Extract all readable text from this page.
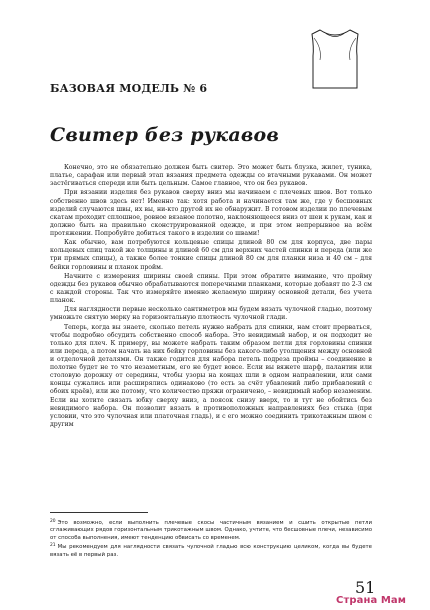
БАЗОВАЯ МОДЕЛЬ № 6
Свитер без рукавов

Конечно, это не обязательно должен быть свитер. Это может быть блузка, жилет, туника, платье, сарафан или первый этап вязания предмета одежды со втачными рукавами. Он может застёгиваться спереди или быть цельным. Самое главное, что он без рукавов.

При вязании изделия без рукавов сверху вниз мы начинаем с плечевых швов. Вот только собственно швов здесь нет! Именно так: хотя работа и начинается там же, где у бесшовных изделий случаются швы, их вы, ни-кто другой их не обнаружит. В готовом изделии по плечевым скатам проходит сплошное, ровное вязаное полотно, наклоняющееся вниз от шеи к рукам, как и должно быть на правильно сконструированной одежде, и при этом непрерывное на всём протяжении. Попробуйте добиться такого в изделии со швами!

Как обычно, вам потребуются кольцевые спицы длиной 80 см для корпуса, две пары кольцевых спиц такой же толщины и длиной 60 см для верхних частей спинки и переда (или же три прямых спицы), а также более тонкие спицы длиной 80 см для планки низа и 40 см – для бейки горловины и планок пройм.

Начните с измерения ширины своей спины. При этом обратите внимание, что пройму одежды без рукавов обычно обрабатываются поперечными планками, которые добавят по 2-3 см с каждой стороны. Так что измеряйте именно желаемую ширину основной детали, без учета планок.

Для наглядности первые несколько сантиметров мы будем вязать чулочной гладью, поэтому умножьте снятую мерку на горизонтальную плотность чулочной глади.

Теперь, когда вы знаете, сколько петель нужно набрать для спинки, нам стоит прерваться, чтобы подробно обсудить собственно способ набора. Это невидимый набор, и он подходит не только для плеч. К примеру, вы можете набрать таким образом петли для горловины спинки или переда, а потом начать на них бейку горловины без какого-либо утолщения между основной и отделочной деталями. Он также годится для набора петель подреза проймы – соединение в полотне будет не то что незаметным, его не будет вовсе. Если вы вяжете шарф, палантин или столовую дорожку от середины, чтобы узоры на концах шли в одном направлении, или сами концы сужались или расширялись одинаково (то есть за счёт убавлений либо прибавлений с обоих краёв), или же потому, что количество пряжи ограничено, – невидимый набор незаменим. Если вы хотите связать юбку сверху вниз, а поясок снизу вверх, то и тут не обойтись без невидимого набора. Он позволит вязать в противоположных направлениях без стыка (при условии, что это чулочная или платочная гладь), и с его можно соединить трикотажным швом с другим

$^{20}$ Это возможно, если выполнить плечевые скосы частичным вязанием и сшить открытые петли сглаживающих рядов горизонтальным трикотажным швом. Однако, учтите, что бесшовные плечи, независимо от способа выполнения, имеют тенденцию обвисать со временем.

$^{21}$ Мы рекомендуем для наглядности связать чулочной гладью всю конструкцию целиком, когда вы будете вязать её в первый раз.

51
Страна Мам
